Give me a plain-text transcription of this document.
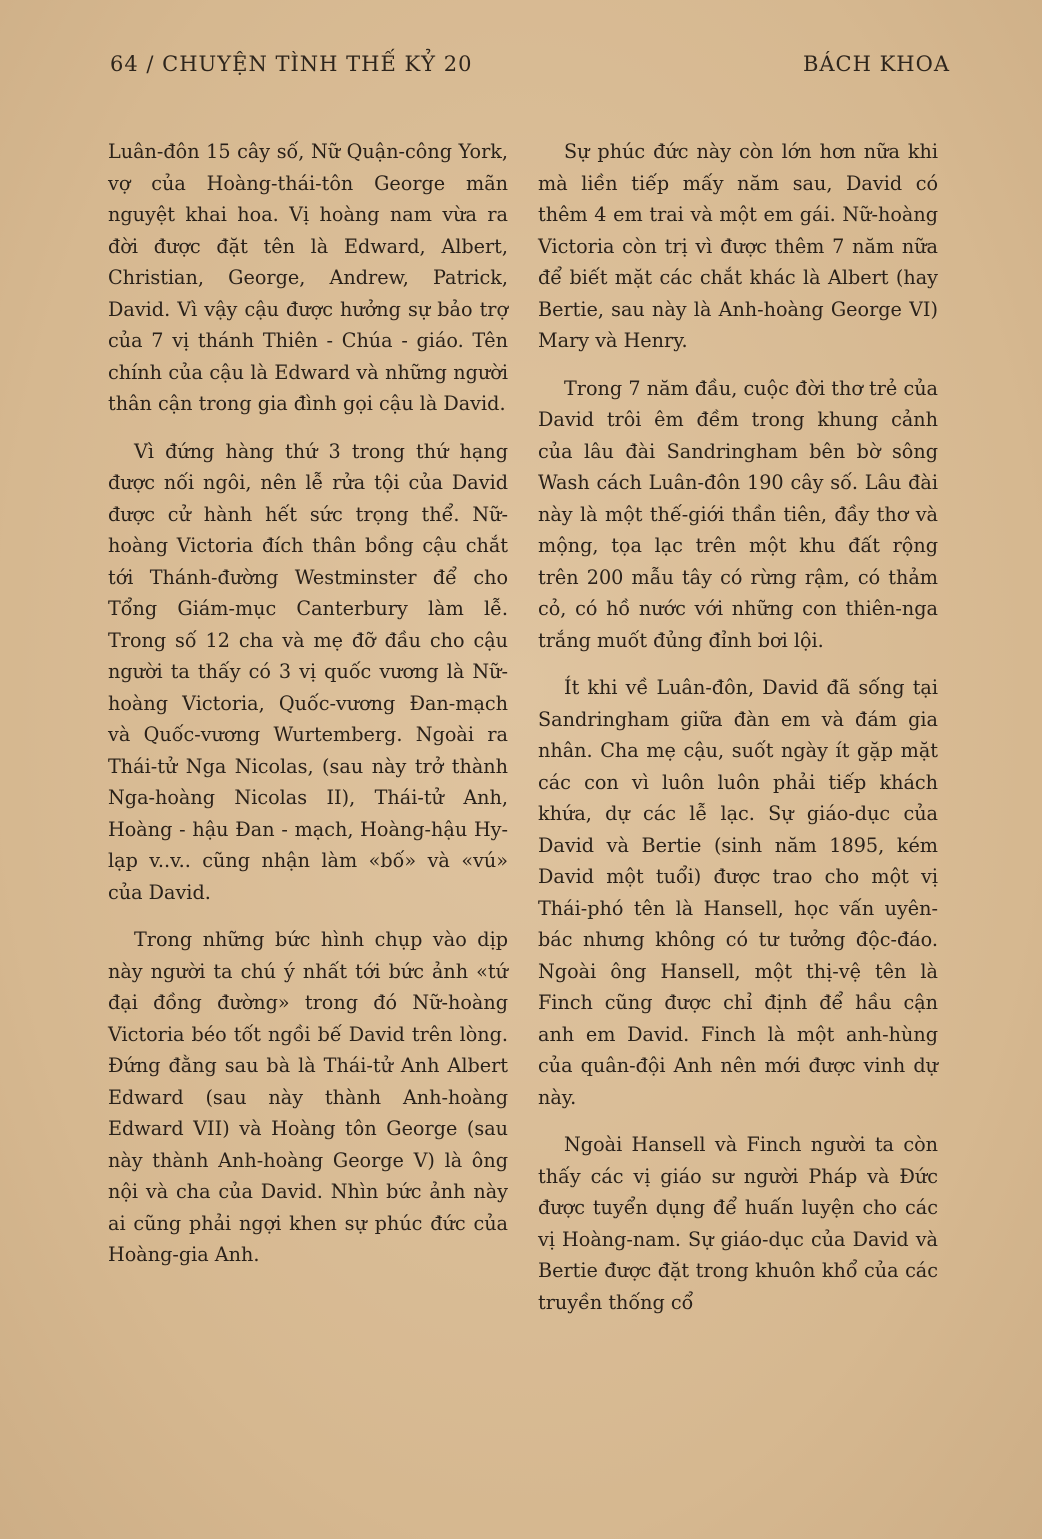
64 / CHUYỆN TÌNH THẾ KỶ 20	BÁCH KHOA

Luân-đôn 15 cây số, Nữ Quận-công York, vợ của Hoàng-thái-tôn George mãn nguyệt khai hoa. Vị hoàng nam vừa ra đời được đặt tên là Edward, Albert, Christian, George, Andrew, Patrick, David. Vì vậy cậu được hưởng sự bảo trợ của 7 vị thánh Thiên - Chúa - giáo. Tên chính của cậu là Edward và những người thân cận trong gia đình gọi cậu là David.

Vì đứng hàng thứ 3 trong thứ hạng được nối ngôi, nên lễ rửa tội của David được cử hành hết sức trọng thể. Nữ-hoàng Victoria đích thân bồng cậu chắt tới Thánh-đường Westminster để cho Tổng Giám-mục Canterbury làm lễ. Trong số 12 cha và mẹ đỡ đầu cho cậu người ta thấy có 3 vị quốc vương là Nữ-hoàng Victoria, Quốc-vương Đan-mạch và Quốc-vương Wurtemberg. Ngoài ra Thái-tử Nga Nicolas, (sau này trở thành Nga-hoàng Nicolas II), Thái-tử Anh, Hoàng - hậu Đan - mạch, Hoàng-hậu Hy-lạp v..v.. cũng nhận làm «bố» và «vú» của David.

Trong những bức hình chụp vào dịp này người ta chú ý nhất tới bức ảnh «tứ đại đồng đường» trong đó Nữ-hoàng Victoria béo tốt ngồi bế David trên lòng. Đứng đằng sau bà là Thái-tử Anh Albert Edward (sau này thành Anh-hoàng Edward VII) và Hoàng tôn George (sau này thành Anh-hoàng George V) là ông nội và cha của David. Nhìn bức ảnh này ai cũng phải ngợi khen sự phúc đức của Hoàng-gia Anh.

Sự phúc đức này còn lớn hơn nữa khi mà liền tiếp mấy năm sau, David có thêm 4 em trai và một em gái. Nữ-hoàng Victoria còn trị vì được thêm 7 năm nữa để biết mặt các chắt khác là Albert (hay Bertie, sau này là Anh-hoàng George VI) Mary và Henry.

Trong 7 năm đầu, cuộc đời thơ trẻ của David trôi êm đềm trong khung cảnh của lâu đài Sandringham bên bờ sông Wash cách Luân-đôn 190 cây số. Lâu đài này là một thế-giới thần tiên, đầy thơ và mộng, tọa lạc trên một khu đất rộng trên 200 mẫu tây có rừng rậm, có thảm cỏ, có hồ nước với những con thiên-nga trắng muốt đủng đỉnh bơi lội.

Ít khi về Luân-đôn, David đã sống tại Sandringham giữa đàn em và đám gia nhân. Cha mẹ cậu, suốt ngày ít gặp mặt các con vì luôn luôn phải tiếp khách khứa, dự các lễ lạc. Sự giáo-dục của David và Bertie (sinh năm 1895, kém David một tuổi) được trao cho một vị Thái-phó tên là Hansell, học vấn uyên-bác nhưng không có tư tưởng độc-đáo. Ngoài ông Hansell, một thị-vệ tên là Finch cũng được chỉ định để hầu cận anh em David. Finch là một anh-hùng của quân-đội Anh nên mới được vinh dự này.

Ngoài Hansell và Finch người ta còn thấy các vị giáo sư người Pháp và Đức được tuyển dụng để huấn luyện cho các vị Hoàng-nam. Sự giáo-dục của David và Bertie được đặt trong khuôn khổ của các truyền thống cổ
